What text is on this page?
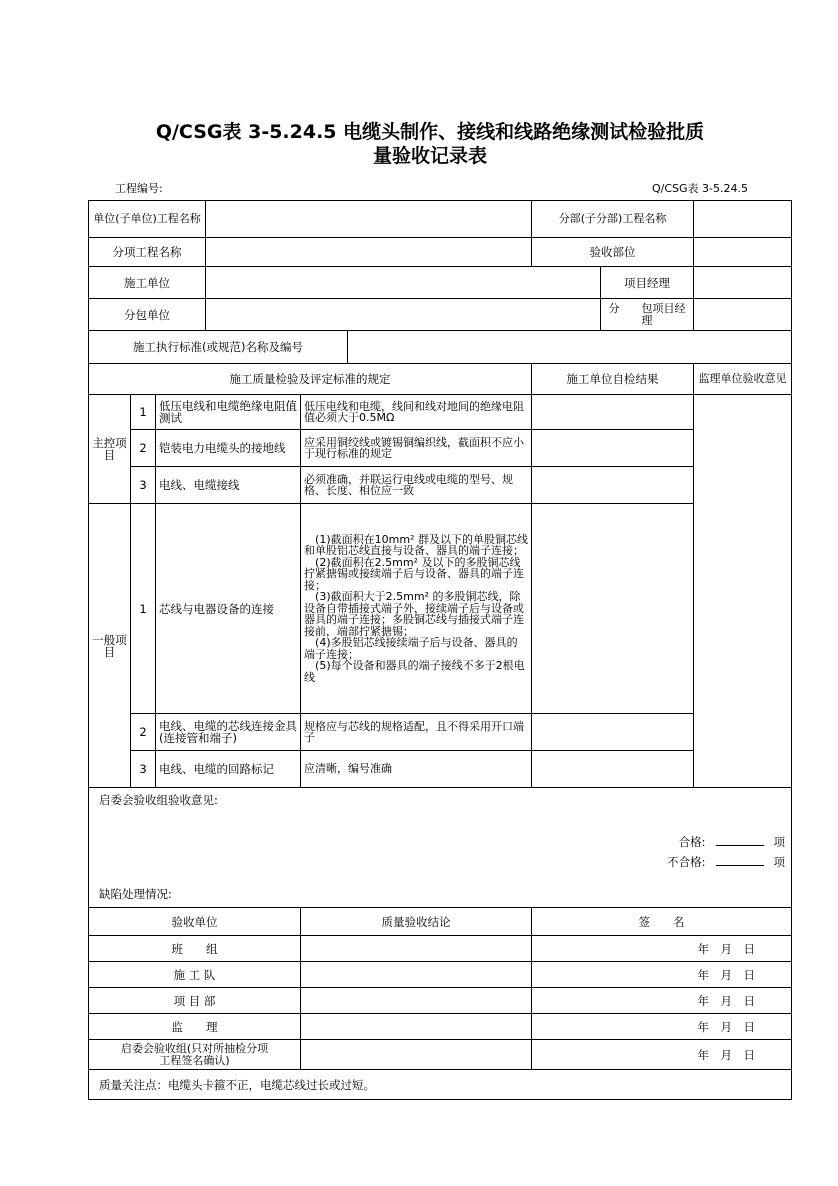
Q/CSG表 3-5.24.5 电缆头制作、接线和线路绝缘测试检验批质
量验收记录表
工程编号:	Q/CSG表 3-5.24.5
单位(子单位)工程名称						分部(子分部)工程名称		
分项工程名称						验收部位		
施工单位							项目经理	
分包单位							分　　包项目经理	
施工执行标准(或规范)名称及编号								
施工质量检验及评定标准的规定						施工单位自检结果		监理单位验收意见
主控项目	1	低压电线和电缆绝缘电阻值测试		低压电线和电缆，线间和线对地间的绝缘电阻值必须大于0.5MΩ				
	2	铠装电力电缆头的接地线		应采用铜绞线或镀锡铜编织线，截面积不应小于现行标准的规定				
	3	电线、电缆接线		必须准确，并联运行电线或电缆的型号、规格、长度、相位应一致				
一般项目	1	芯线与电器设备的连接		　(1)截面积在10mm² 群及以下的单股铜芯线和单股铝芯线直接与设备、器具的端子连接；
　(2)截面积在2.5mm² 及以下的多股铜芯线拧紧搪锡或接续端子后与设备、器具的端子连接；
　(3)截面积大于2.5mm² 的多股铜芯线，除设备自带插接式端子外，接续端子后与设备或器具的端子连接；多股铜芯线与插接式端子连接前，端部拧紧搪锡；
　(4)多股铝芯线接续端子后与设备、器具的端子连接；
　(5)每个设备和器具的端子接线不多于2根电线				

	2	电线、电缆的芯线连接金具(连接管和端子)		规格应与芯线的规格适配，且不得采用开口端子				
	3	电线、电缆的回路标记		应清晰，编号准确				

启委会验收组验收意见:
合格: 项
不合格: 项
缺陷处理情况:								

验收单位				质量验收结论		签　　名		
班　　组						年　月　日		
施 工 队						年　月　日		
项 目 部						年　月　日		
监　　理						年　月　日		
启委会验收组(只对所抽检分项工程签名确认)						年　月　日		
质量关注点：电缆头卡箍不正，电缆芯线过长或过短。								
